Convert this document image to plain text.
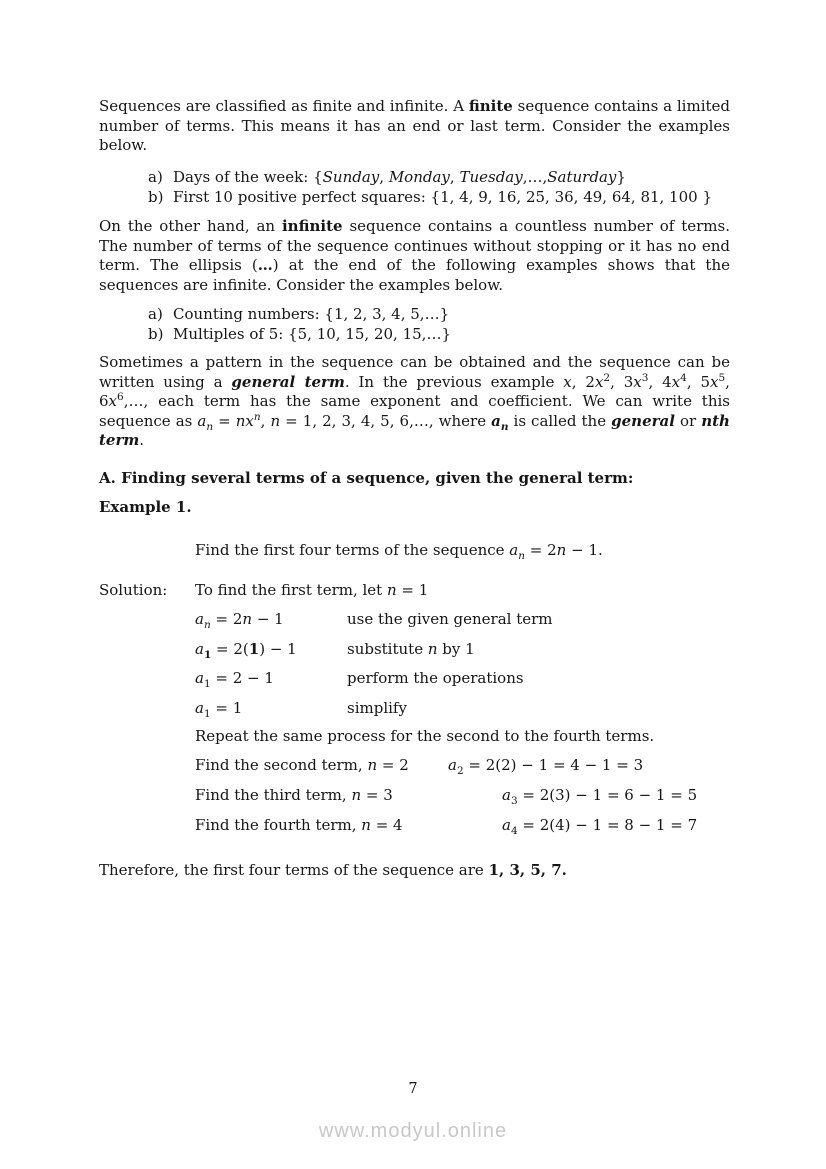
Sequences are classified as finite and infinite. A finite sequence contains a limited number of terms. This means it has an end or last term. Consider the examples below.
a) Days of the week: {Sunday, Monday, Tuesday,…,Saturday}
b) First 10 positive perfect squares: {1, 4, 9, 16, 25, 36, 49, 64, 81, 100 }
On the other hand, an infinite sequence contains a countless number of terms. The number of terms of the sequence continues without stopping or it has no end term. The ellipsis (…) at the end of the following examples shows that the sequences are infinite. Consider the examples below.
a) Counting numbers: {1, 2, 3, 4, 5,…}
b) Multiples of 5: {5, 10, 15, 20, 15,…}
Sometimes a pattern in the sequence can be obtained and the sequence can be written using a general term. In the previous example x, $2x^2$, $3x^3$, $4x^4$, $5x^5$, $6x^6,\dots$, each term has the same exponent and coefficient. We can write this sequence as $a_n = nx^n$, n = 1, 2, 3, 4, 5, 6,…, where $a_n$ is called the general or nth term.
A. Finding several terms of a sequence, given the general term:
Example 1.
Find the first four terms of the sequence $a_n = 2n - 1$.
Solution: To find the first term, let n = 1
$a_n = 2n - 1$	use the given general term
$a_1 = 2(1) - 1$	substitute n by 1
$a_1 = 2 - 1$	perform the operations
$a_1 = 1$	simplify
Repeat the same process for the second to the fourth terms.
Find the second term, n = 2	$a_2 = 2(2) - 1 = 4 - 1 = 3$
Find the third term, n = 3	$a_3 = 2(3) - 1 = 6 - 1 = 5$
Find the fourth term, n = 4	$a_4 = 2(4) - 1 = 8 - 1 = 7$
Therefore, the first four terms of the sequence are 1, 3, 5, 7.
7
www.modyul.online
